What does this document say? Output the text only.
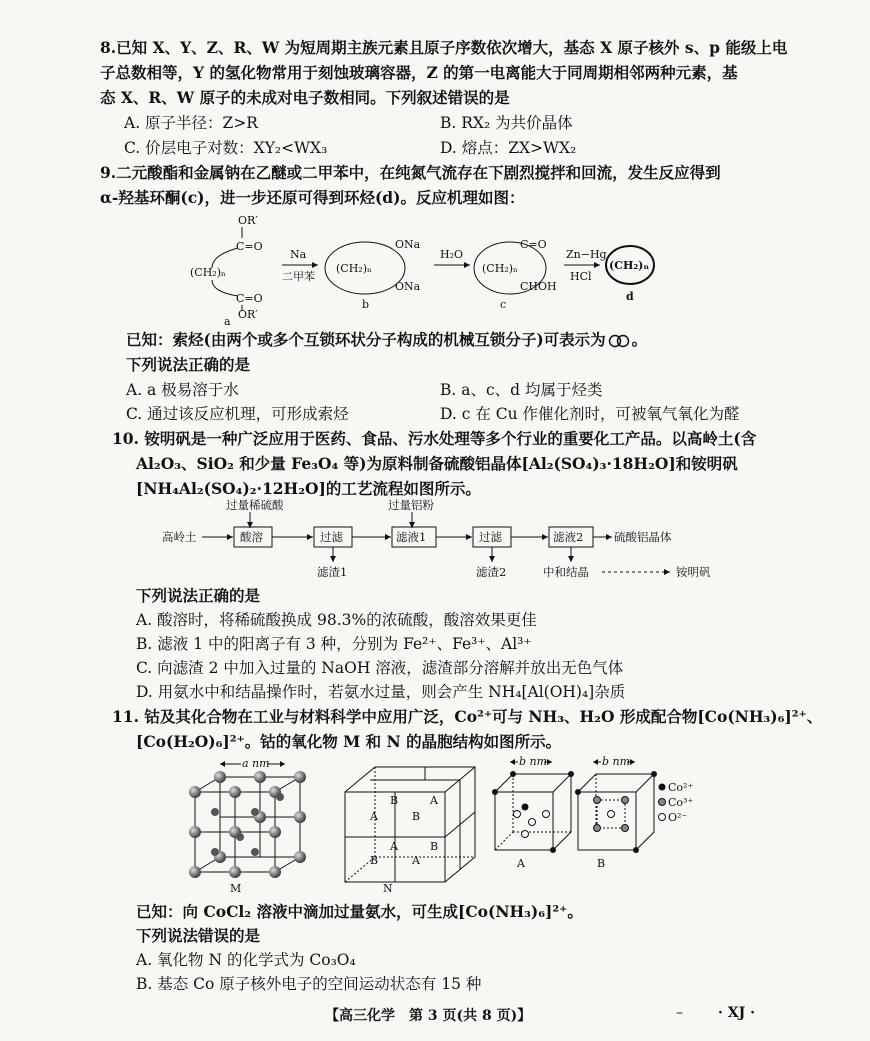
8.已知 X、Y、Z、R、W 为短周期主族元素且原子序数依次增大，基态 X 原子核外 s、p 能级上电
子总数相等，Y 的氢化物常用于刻蚀玻璃容器，Z 的第一电离能大于同周期相邻两种元素，基
态 X、R、W 原子的未成对电子数相同。下列叙述错误的是
A. 原子半径：Z>R	B. RX₂ 为共价晶体
C. 价层电子对数：XY₂<WX₃	D. 熔点：ZX>WX₂
9.二元酸酯和金属钠在乙醚或二甲苯中，在纯氮气流存在下剧烈搅拌和回流，发生反应得到
α-羟基环酮(c)，进一步还原可得到环烃(d)。反应机理如图：
OR′
C=O
(CH₂)ₙ
C=O
OR′
a
Na
二甲苯
(CH₂)ₙ
ONa
ONa
b
H₂O
(CH₂)ₙ
C=O
CHOH
c
Zn−Hg
HCl
(CH₂)ₙ
d
已知：索烃(由两个或多个互锁环状分子构成的机械互锁分子)可表示为 。
下列说法正确的是
A. a 极易溶于水	B. a、c、d 均属于烃类
C. 通过该反应机理，可形成索烃	D. c 在 Cu 作催化剂时，可被氧气氧化为醛
10. 铵明矾是一种广泛应用于医药、食品、污水处理等多个行业的重要化工产品。以高岭土(含
Al₂O₃、SiO₂ 和少量 Fe₃O₄ 等)为原料制备硫酸铝晶体[Al₂(SO₄)₃·18H₂O]和铵明矾
[NH₄Al₂(SO₄)₂·12H₂O]的工艺流程如图所示。
过量稀硫酸	过量铝粉
高岭土	酸溶	过滤
滤渣1
滤液1	过滤
滤渣2
滤液2	硫酸铝晶体
中和结晶	铵明矾
下列说法正确的是
A. 酸溶时，将稀硫酸换成 98.3%的浓硫酸，酸溶效果更佳
B. 滤液 1 中的阳离子有 3 种，分别为 Fe²⁺、Fe³⁺、Al³⁺
C. 向滤渣 2 中加入过量的 NaOH 溶液，滤渣部分溶解并放出无色气体
D. 用氨水中和结晶操作时，若氨水过量，则会产生 NH₄[Al(OH)₄]杂质
11. 钴及其化合物在工业与材料科学中应用广泛，Co²⁺可与 NH₃、H₂O 形成配合物[Co(NH₃)₆]²⁺、
[Co(H₂O)₆]²⁺。钴的氧化物 M 和 N 的晶胞结构如图所示。
a nm
M
A
B
B
A
B
A
A
B
N
b nm
A
b nm
B
Co²⁺
Co³⁺
O²⁻
已知：向 CoCl₂ 溶液中滴加过量氨水，可生成[Co(NH₃)₆]²⁺。
下列说法错误的是
A. 氧化物 N 的化学式为 Co₃O₄
B. 基态 Co 原子核外电子的空间运动状态有 15 种
【高三化学　第 3 页(共 8 页)】	–	· XJ ·
